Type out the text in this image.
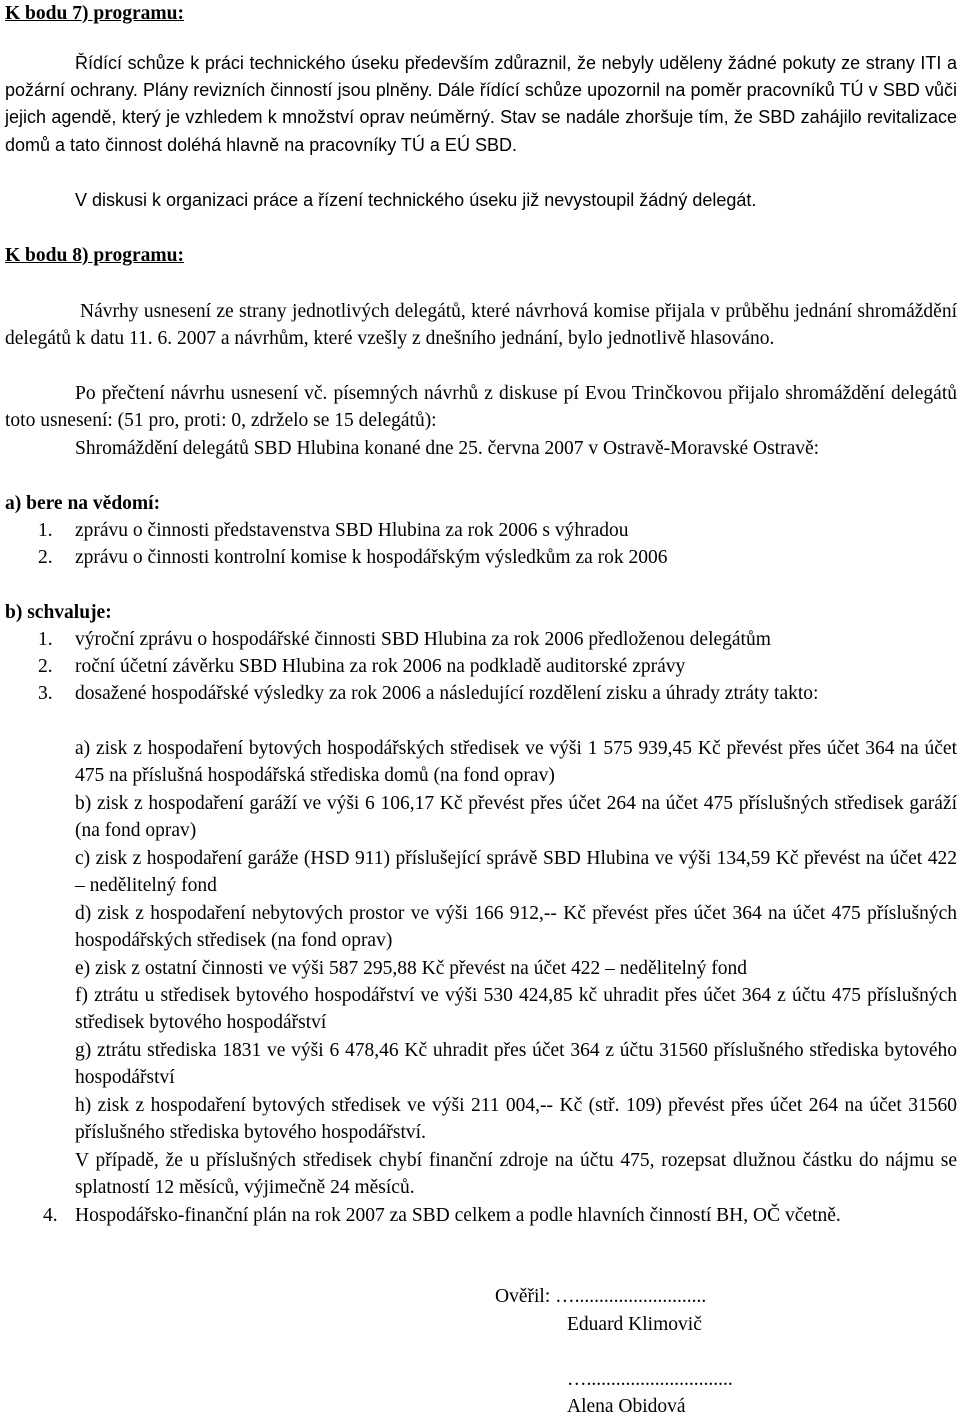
K bodu 7) programu:
Řídící schůze k práci technického úseku především zdůraznil, že nebyly uděleny žádné pokuty ze strany ITI a požární ochrany. Plány revizních činností jsou plněny. Dále řídící schůze upozornil na poměr pracovníků TÚ v SBD vůči jejich agendě, který je vzhledem k množství oprav neúměrný. Stav se nadále zhoršuje tím, že SBD zahájilo revitalizace domů a tato činnost doléhá hlavně na pracovníky TÚ a EÚ SBD.
V diskusi k organizaci práce a řízení technického úseku již nevystoupil žádný delegát.
K bodu 8) programu:
Návrhy usnesení ze strany jednotlivých delegátů, které návrhová komise přijala v průběhu jednání shromáždění delegátů k datu 11. 6. 2007 a návrhům, které vzešly z dnešního jednání, bylo jednotlivě hlasováno.
Po přečtení návrhu usnesení vč. písemných návrhů z diskuse pí Evou Trinčkovou přijalo shromáždění delegátů toto usnesení: (51 pro, proti: 0, zdrželo se 15 delegátů):
Shromáždění delegátů SBD Hlubina konané dne 25. června 2007 v Ostravě-Moravské Ostravě:
a) bere na vědomí:
1.	zprávu o činnosti představenstva SBD Hlubina za rok 2006 s výhradou
2.	zprávu o činnosti kontrolní komise k hospodářským výsledkům za rok 2006
b) schvaluje:
1.	výroční zprávu o hospodářské činnosti SBD Hlubina za rok 2006 předloženou delegátům
2.	roční účetní závěrku SBD Hlubina za rok 2006 na podkladě auditorské zprávy
3.	dosažené hospodářské výsledky za rok 2006 a následující rozdělení zisku a úhrady ztráty takto:
a) zisk z hospodaření bytových hospodářských středisek ve výši 1 575 939,45 Kč převést přes účet 364 na účet 475 na příslušná hospodářská střediska domů (na fond oprav)
b) zisk z hospodaření garáží ve výši 6 106,17 Kč převést přes účet 264 na účet 475 příslušných středisek garáží (na fond oprav)
c) zisk z hospodaření garáže (HSD 911) příslušející správě SBD Hlubina ve výši 134,59 Kč převést na účet 422 – nedělitelný fond
d) zisk z hospodaření nebytových prostor ve výši 166 912,-- Kč převést přes účet 364 na účet 475 příslušných hospodářských středisek (na fond oprav)
e) zisk z ostatní činnosti ve výši 587 295,88 Kč převést na účet 422 – nedělitelný fond
f) ztrátu u středisek bytového hospodářství ve výši 530 424,85 kč uhradit přes účet 364 z účtu 475 příslušných středisek bytového hospodářství
g) ztrátu střediska 1831 ve výši 6 478,46 Kč uhradit přes účet 364 z účtu 31560 příslušného střediska bytového hospodářství
h) zisk z hospodaření bytových středisek ve výši 211 004,-- Kč (stř. 109) převést přes účet 264 na účet 31560 příslušného střediska bytového hospodářství.
V případě, že u příslušných středisek chybí finanční zdroje na účtu 475, rozepsat dlužnou částku do nájmu se splatností 12 měsíců, výjimečně 24 měsíců.
4. Hospodářsko-finanční plán na rok 2007 za SBD celkem a podle hlavních činností BH, OČ včetně.
Ověřil: …...........................
Eduard Klimovič
…..............................
Alena Obidová
